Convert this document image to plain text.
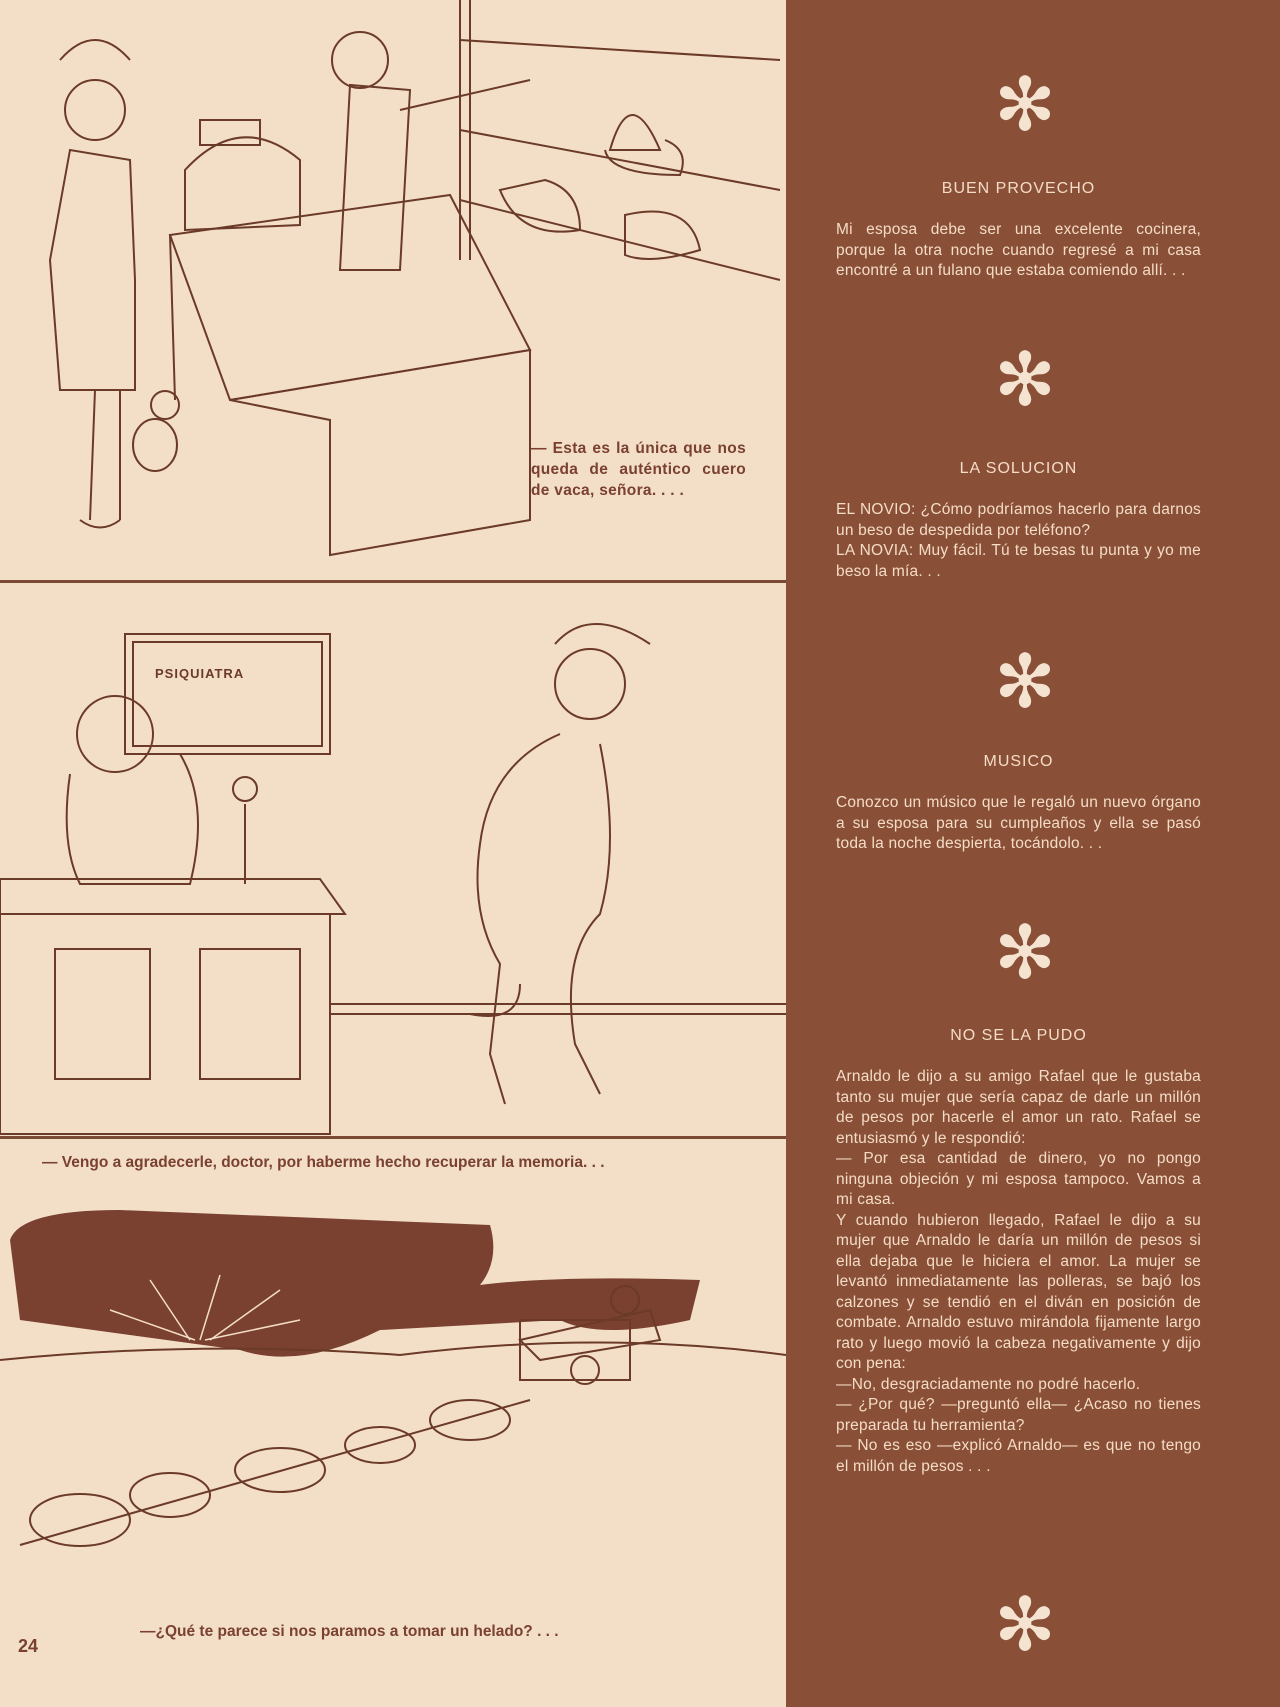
— Esta es la única que nos queda de auténtico cuero de vaca, señora. . . .
PSIQUIATRA
— Vengo a agradecerle, doctor, por haberme hecho recuperar la memoria. . .
—¿Qué te parece si nos paramos a tomar un helado? . . .
24
✻
BUEN PROVECHO
Mi esposa debe ser una excelente cocinera, porque la otra noche cuando regresé a mi casa encontré a un fulano que estaba comiendo allí. . .
✻
LA SOLUCION
EL NOVIO: ¿Cómo podríamos hacerlo para darnos un beso de despedida por teléfono?
LA NOVIA: Muy fácil. Tú te besas tu punta y yo me beso la mía. . .
✻
MUSICO
Conozco un músico que le regaló un nuevo órgano a su esposa para su cumpleaños y ella se pasó toda la noche despierta, tocándolo. . .
✻
NO SE LA PUDO
Arnaldo le dijo a su amigo Rafael que le gustaba tanto su mujer que sería capaz de darle un millón de pesos por hacerle el amor un rato. Rafael se entusiasmó y le respondió:
— Por esa cantidad de dinero, yo no pongo ninguna objeción y mi esposa tampoco. Vamos a mi casa.
Y cuando hubieron llegado, Rafael le dijo a su mujer que Arnaldo le daría un millón de pesos si ella dejaba que le hiciera el amor. La mujer se levantó inmediatamente las polleras, se bajó los calzones y se tendió en el diván en posición de combate. Arnaldo estuvo mirándola fijamente largo rato y luego movió la cabeza negativamente y dijo con pena:
—No, desgraciadamente no podré hacerlo.
— ¿Por qué? —preguntó ella— ¿Acaso no tienes preparada tu herramienta?
— No es eso —explicó Arnaldo— es que no tengo el millón de pesos . . .
✻
